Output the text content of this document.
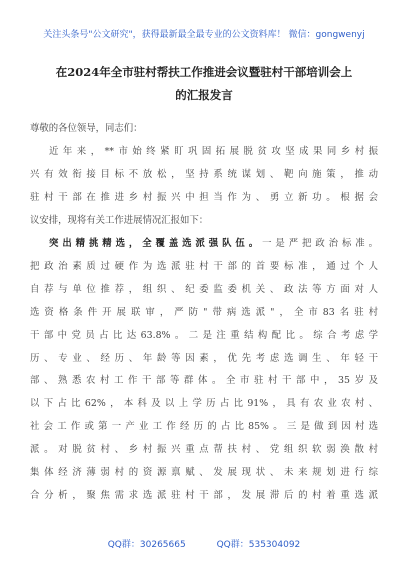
关注头条号"公文研究"，获得最新最全最专业的公文资料库！ 微信：gongwenyj
在2024年全市驻村帮扶工作推进会议暨驻村干部培训会上
的汇报发言
尊敬的各位领导，同志们：
近年来，**市始终紧盯巩固拓展脱贫攻坚成果同乡村振
兴有效衔接目标不放松，坚持系统谋划、靶向施策，推动
驻村干部在推进乡村振兴中担当作为、勇立新功。根据会
议安排，现将有关工作进展情况汇报如下：
突出精挑精选，全覆盖选派强队伍。一是严把政治标准。
把政治素质过硬作为选派驻村干部的首要标准，通过个人
自荐与单位推荐，组织、纪委监委机关、政法等方面对人
选资格条件开展联审，严防"带病选派"，全市83名驻村
干部中党员占比达63.8%。二是注重结构配比。综合考虑学
历、专业、经历、年龄等因素，优先考虑选调生、年轻干
部、熟悉农村工作干部等群体。全市驻村干部中，35岁及
以下占比62%，本科及以上学历占比91%，具有农业农村、
社会工作或第一产业工作经历的占比85%。三是做到因村选
派。对脱贫村、乡村振兴重点帮扶村、党组织软弱涣散村
集体经济薄弱村的资源禀赋、发展现状、未来规划进行综
合分析，聚焦需求选派驻村干部，发展滞后的村着重选派
QQ群：30265665	QQ群：535304092
